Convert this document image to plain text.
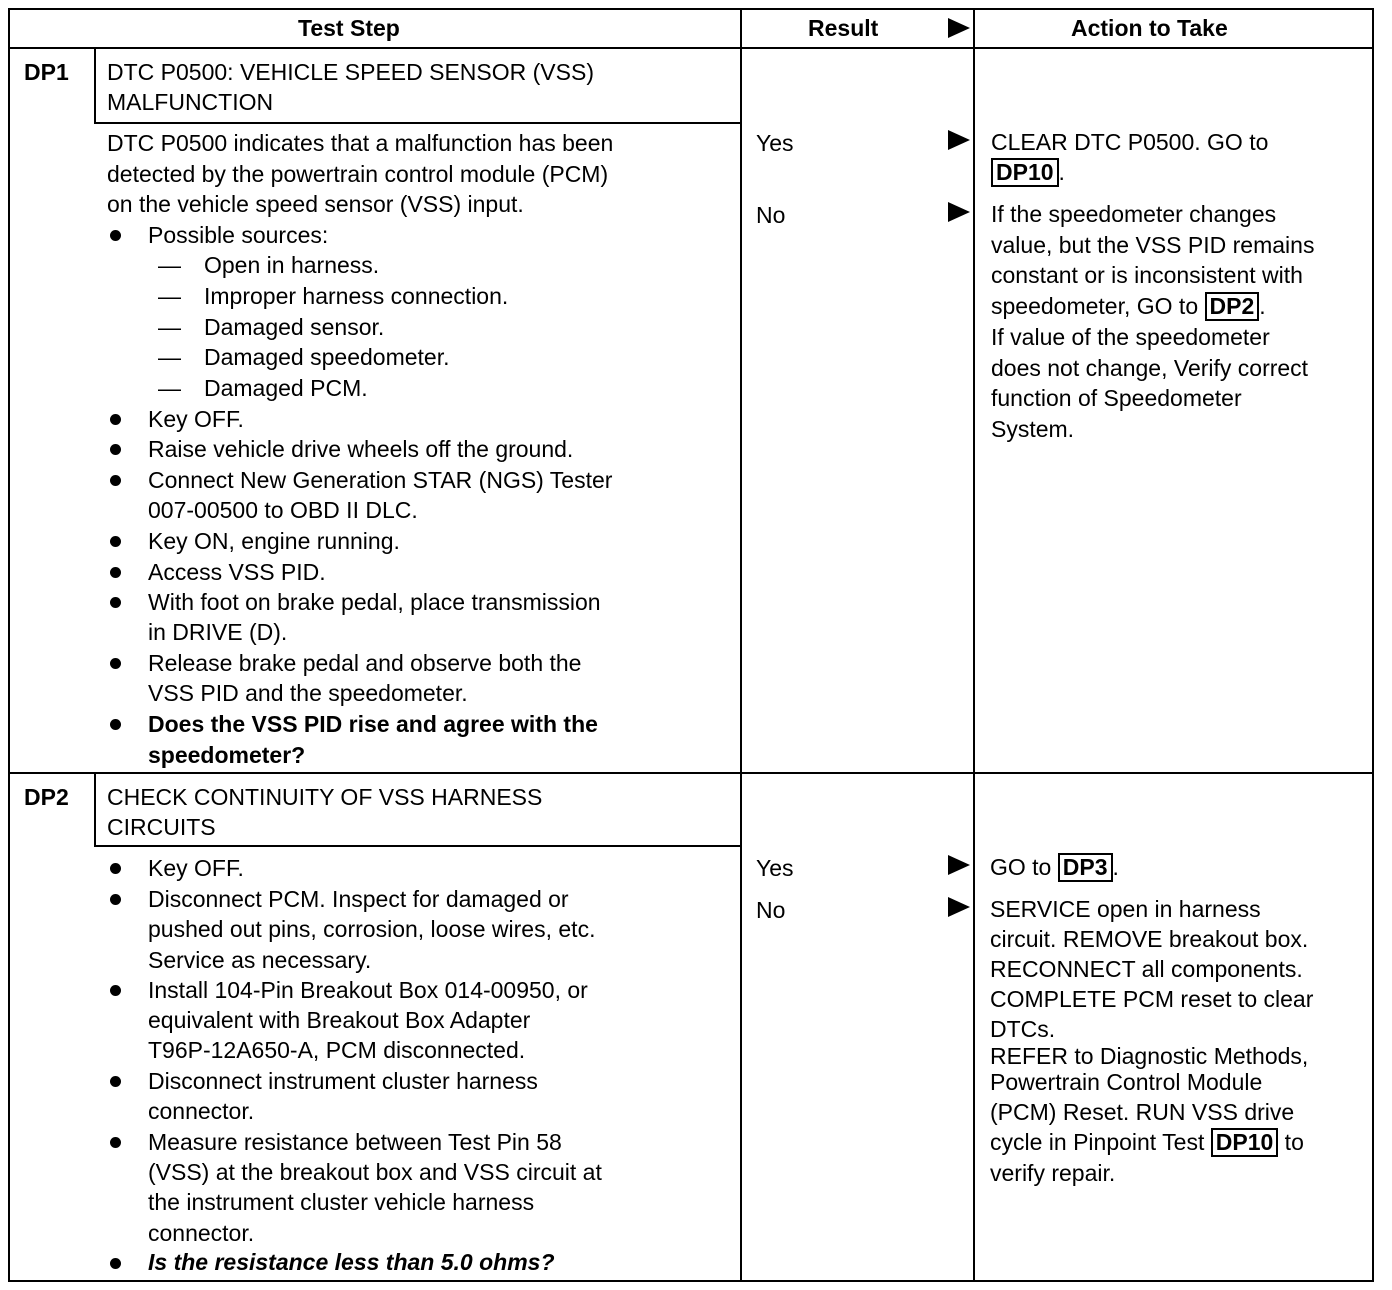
Test Step	Result	Action to Take
DP1 DTC P0500: VEHICLE SPEED SENSOR (VSS)
MALFUNCTION
DTC P0500 indicates that a malfunction has been
detected by the powertrain control module (PCM)
on the vehicle speed sensor (VSS) input.
Possible sources:
— Open in harness.
— Improper harness connection.
— Damaged sensor.
— Damaged speedometer.
— Damaged PCM.
Key OFF.
Raise vehicle drive wheels off the ground.
Connect New Generation STAR (NGS) Tester
007-00500 to OBD II DLC.
Key ON, engine running.
Access VSS PID.
With foot on brake pedal, place transmission
in DRIVE (D).
Release brake pedal and observe both the
VSS PID and the speedometer.
Does the VSS PID rise and agree with the
speedometer?
Yes
No
CLEAR DTC P0500. GO to
DP10 .
If the speedometer changes
value, but the VSS PID remains
constant or is inconsistent with
speedometer, GO to DP2 .
If value of the speedometer
does not change, Verify correct
function of Speedometer
System.
DP2 CHECK CONTINUITY OF VSS HARNESS
CIRCUITS
Key OFF.
Disconnect PCM. Inspect for damaged or
pushed out pins, corrosion, loose wires, etc.
Service as necessary.
Install 104-Pin Breakout Box 014-00950, or
equivalent with Breakout Box Adapter
T96P-12A650-A, PCM disconnected.
Disconnect instrument cluster harness
connector.
Measure resistance between Test Pin 58
(VSS) at the breakout box and VSS circuit at
the instrument cluster vehicle harness
connector.
Is the resistance less than 5.0 ohms?
Yes
No
GO to DP3 .
SERVICE open in harness
circuit. REMOVE breakout box.
RECONNECT all components.
COMPLETE PCM reset to clear
DTCs.
REFER to Diagnostic Methods,
Powertrain Control Module
(PCM) Reset. RUN VSS drive
cycle in Pinpoint Test DP10 to
verify repair.
